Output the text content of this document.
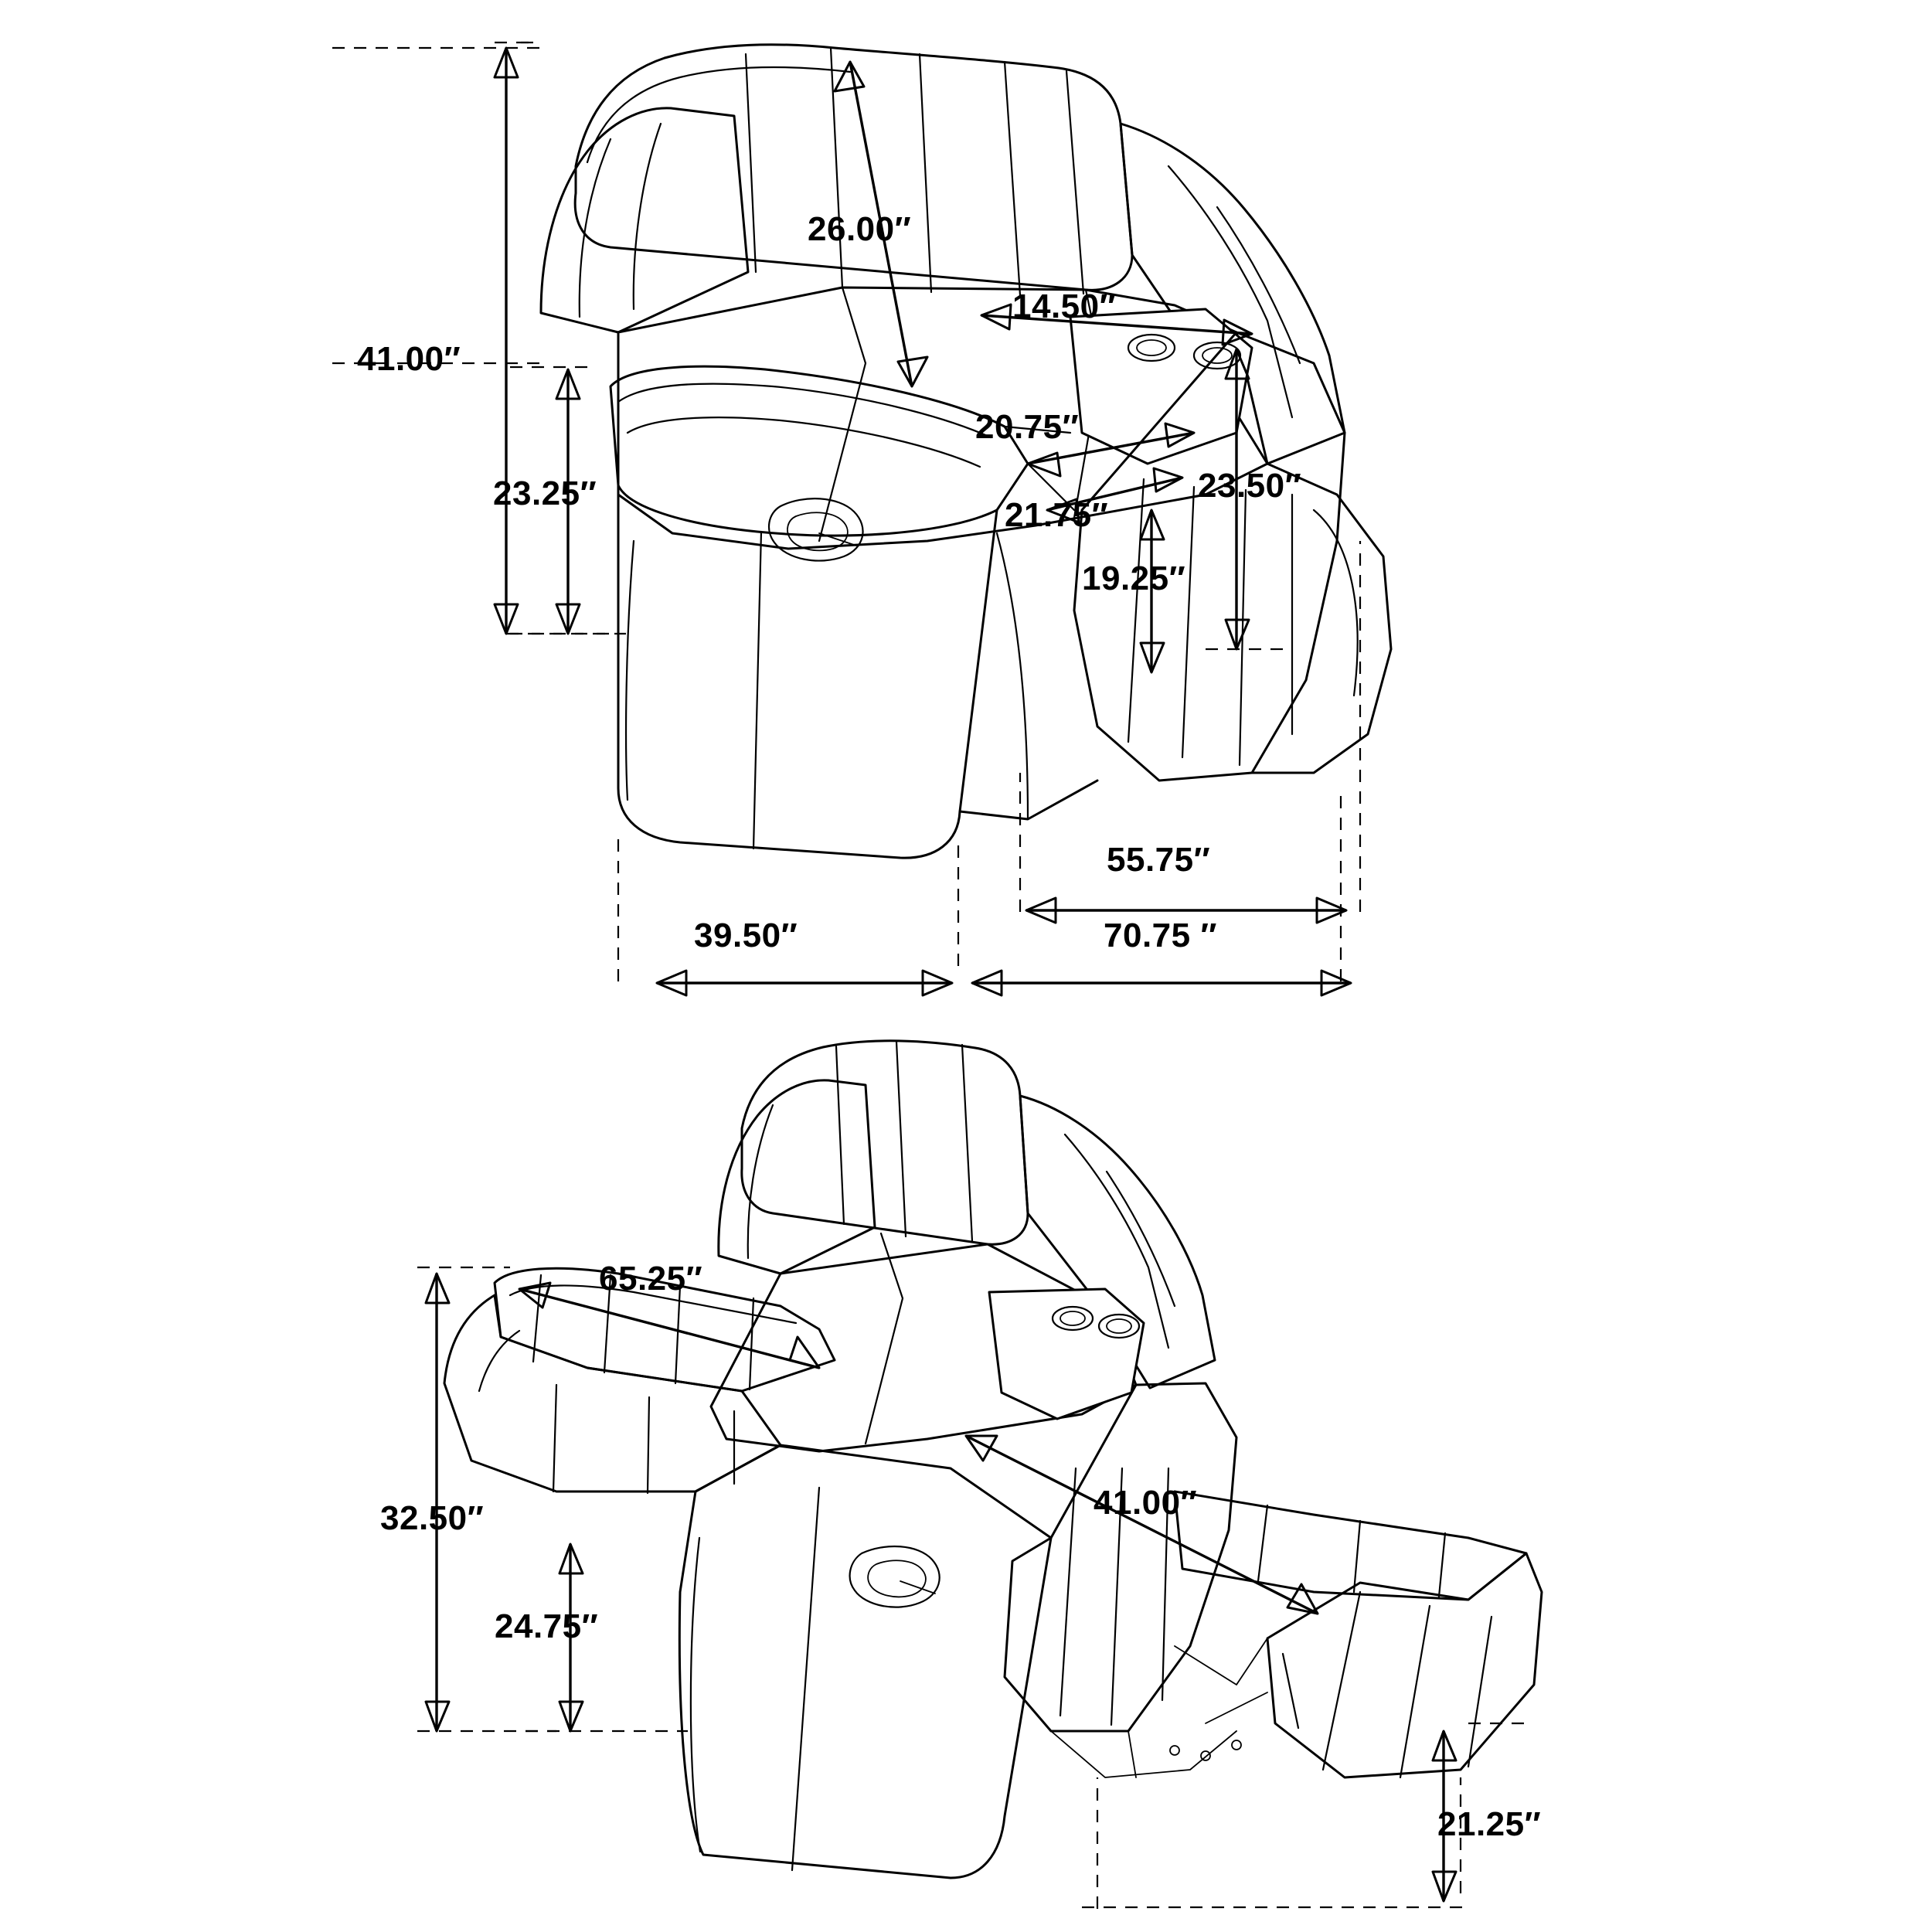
41.00″
26.00″
14.50″
23.25″
20.75″
21.75″
23.50″
19.25″
39.50″
55.75″
70.75 ″
65.25″
32.50″
24.75″
41.00″
21.25″
